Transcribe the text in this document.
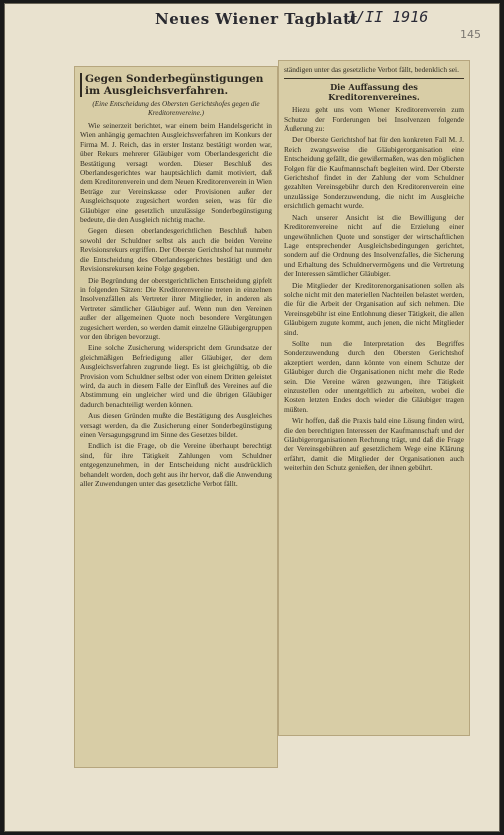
Neues Wiener Tagblatt
1/II 1916
145
Gegen Sonderbegünstigungen im Ausgleichsverfahren.
(Eine Entscheidung des Obersten Gerichtshofes gegen die Kreditorenvereine.)

Wie seinerzeit berichtet, war einem beim Handelsgericht in Wien anhängig gemachten Ausgleichsverfahren im Konkurs der Firma M. J. Reich, das in erster Instanz bestätigt worden war, über Rekurs mehrerer Gläubiger vom Oberlandesgericht die Bestätigung versagt worden. Dieser Beschluß des Oberlandesgerichtes war hauptsächlich damit motiviert, daß dem Kreditorenverein und dem Neuen Kreditorenverein in Wien Beträge zur Vereinskasse oder Provisionen außer der Ausgleichsquote zugesichert worden seien, was für die Gläubiger eine gesetzlich unzulässige Sonderbegünstigung bedeute, die den Ausgleich nichtig mache.

Gegen diesen oberlandesgerichtlichen Beschluß haben sowohl der Schuldner selbst als auch die beiden Vereine Revisionsrekurs ergriffen. Der Oberste Gerichtshof hat nunmehr die Entscheidung des Oberlandesgerichtes bestätigt und den Revisionsrekursen keine Folge gegeben.

Die Begründung der oberstgerichtlichen Entscheidung gipfelt in folgenden Sätzen: Die Kreditorenvereine treten in einzelnen Insolvenzfällen als Vertreter ihrer Mitglieder, in anderen als Vertreter sämtlicher Gläubiger auf. Wenn nun den Vereinen außer der allgemeinen Quote noch besondere Vergütungen zugesichert werden, so werden damit einzelne Gläubigergruppen vor den übrigen bevorzugt.

Eine solche Zusicherung widerspricht dem Grundsatze der gleichmäßigen Befriedigung aller Gläubiger, der dem Ausgleichsverfahren zugrunde liegt. Es ist gleichgültig, ob die Provision vom Schuldner selbst oder von einem Dritten geleistet wird, da auch in diesem Falle der Einfluß des Vereines auf die Abstimmung ein ungleicher wird und die übrigen Gläubiger dadurch benachteiligt werden können.

Aus diesen Gründen mußte die Bestätigung des Ausgleiches versagt werden, da die Zusicherung einer Sonderbegünstigung einen Versagungsgrund im Sinne des Gesetzes bildet.

Endlich ist die Frage, ob die Vereine überhaupt berechtigt sind, für ihre Tätigkeit Zahlungen vom Schuldner entgegenzunehmen, in der Entscheidung nicht ausdrücklich behandelt worden, doch geht aus ihr hervor, daß die Anwendung aller Zuwendungen unter das gesetzliche Verbot fällt.

ständigen unter das gesetzliche Verbot fällt, bedenklich sei.
Die Auffassung des Kreditorenvereines.

Hiezu geht uns vom Wiener Kreditorenverein zum Schutze der Forderungen bei Insolvenzen folgende Äußerung zu:

Der Oberste Gerichtshof hat für den konkreten Fall M. J. Reich zwangsweise die Gläubigerorganisation eine Entscheidung gefällt, die gewißermaßen, was den möglichen Folgen für die Kaufmannschaft begleiten wird. Der Oberste Gerichtshof findet in der Zahlung der vom Schuldner gezahlten Vereinsgebühr durch den Kreditorenverein eine unzulässige Sonderzuwendung, die nicht im Ausgleiche ersichtlich gemacht wurde.

Nach unserer Ansicht ist die Bewilligung der Kreditorenvereine nicht auf die Erzielung einer ungewöhnlichen Quote und sonstiger der wirtschaftlichen Lage entsprechender Ausgleichsbedingungen gerichtet, sondern auf die Ordnung des Insolvenzfalles, die Sicherung und Erhaltung des Schuldnervermögens und die Vertretung der Interessen sämtlicher Gläubiger.

Die Mitglieder der Kreditorenorganisationen sollen als solche nicht mit den materiellen Nachteilen belastet werden, die für die Arbeit der Organisation auf sich nehmen. Die Vereinsgebühr ist eine Entlohnung dieser Tätigkeit, die allen Gläubigern zugute kommt, auch jenen, die nicht Mitglieder sind.

Sollte nun die Interpretation des Begriffes Sonderzuwendung durch den Obersten Gerichtshof akzeptiert werden, dann könnte von einem Schutze der Gläubiger durch die Organisationen nicht mehr die Rede sein. Die Vereine wären gezwungen, ihre Tätigkeit einzustellen oder unentgeltlich zu arbeiten, wobei die Kosten letzten Endes doch wieder die Gläubiger tragen müßten.

Wir hoffen, daß die Praxis bald eine Lösung finden wird, die den berechtigten Interessen der Kaufmannschaft und der Gläubigerorganisationen Rechnung trägt, und daß die Frage der Vereinsgebühren auf gesetzlichem Wege eine Klärung erfährt, damit die Mitglieder der Organisationen auch weiterhin den Schutz genießen, der ihnen gebührt.
